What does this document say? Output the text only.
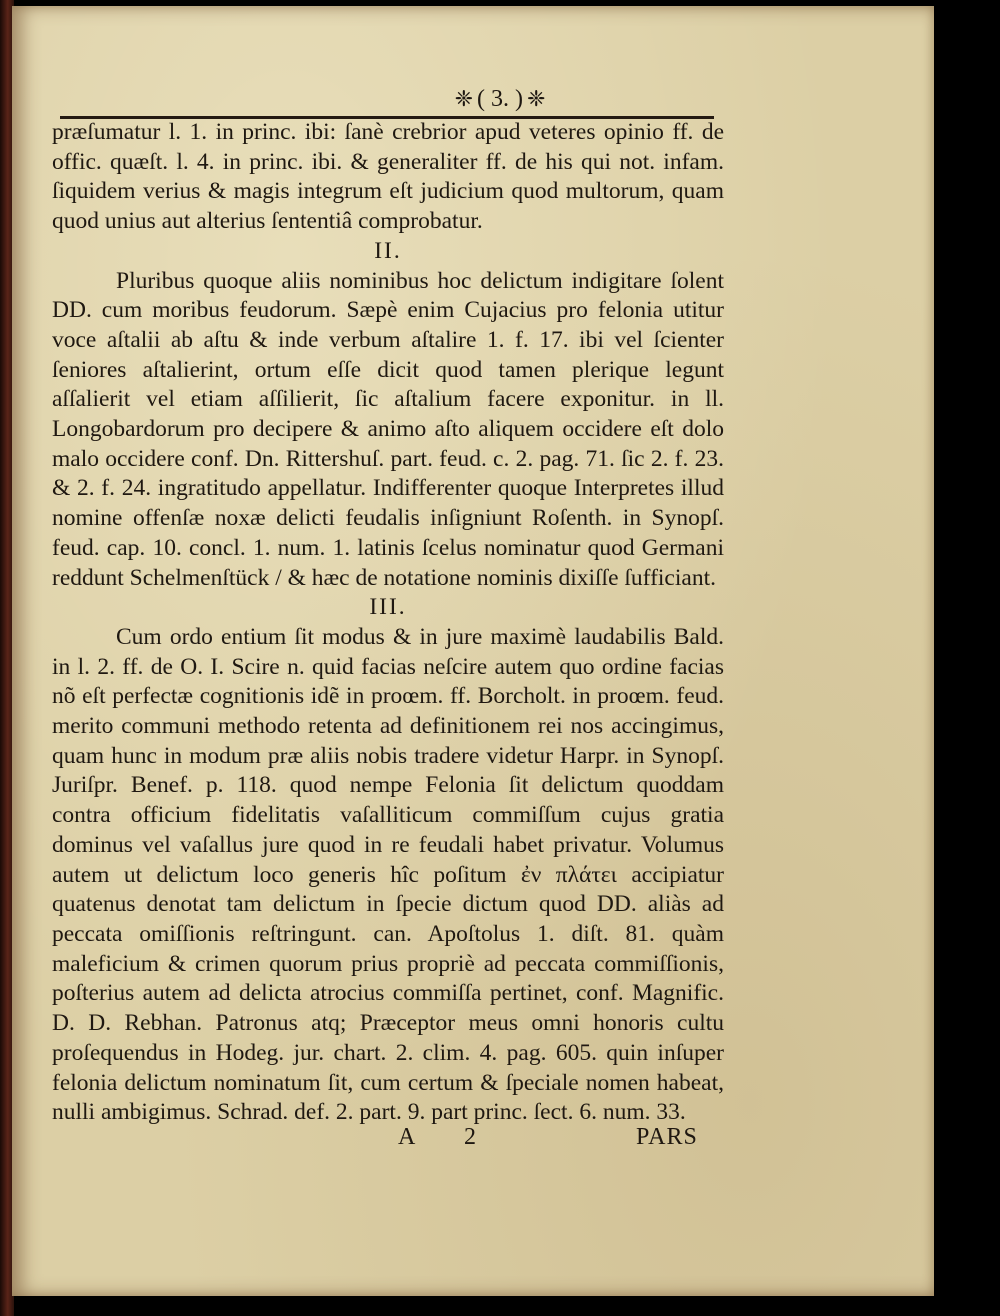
❈ ( 3. ) ❈

præſumatur l. 1. in princ. ibi: ſanè crebrior apud veteres opinio ff. de offic. quæſt. l. 4. in princ. ibi. & generaliter ff. de his qui not. infam. ſiquidem verius & magis integrum eſt judicium quod multorum, quam quod unius aut alterius ſententiâ comprobatur.

II.

Pluribus quoque aliis nominibus hoc delictum indigitare ſolent DD. cum moribus feudorum. Sæpè enim Cujacius pro felonia utitur voce aſtalii ab aſtu & inde verbum aſtalire 1. f. 17. ibi vel ſcienter ſeniores aſtalierint, ortum eſſe dicit quod tamen plerique legunt aſſalierit vel etiam aſſilierit, ſic aſtalium facere exponitur. in ll. Longobardorum pro decipere & animo aſto aliquem occidere eſt dolo malo occidere conf. Dn. Rittershuſ. part. feud. c. 2. pag. 71. ſic 2. f. 23. & 2. f. 24. ingratitudo appellatur. Indifferenter quoque Interpretes illud nomine offenſæ noxæ delicti feudalis inſigniunt Roſenth. in Synopſ. feud. cap. 10. concl. 1. num. 1. latinis ſcelus nominatur quod Germani reddunt Schelmenſtück / & hæc de notatione nominis dixiſſe ſufficiant.

III.

Cum ordo entium ſit modus & in jure maximè laudabilis Bald. in l. 2. ff. de O. I. Scire n. quid facias neſcire autem quo ordine facias nõ eſt perfectæ cognitionis idẽ in proœm. ff. Borcholt. in proœm. feud. merito communi methodo retenta ad definitionem rei nos accingimus, quam hunc in modum præ aliis nobis tradere videtur Harpr. in Synopſ. Juriſpr. Benef. p. 118. quod nempe Felonia ſit delictum quoddam contra officium fidelitatis vaſalliticum commiſſum cujus gratia dominus vel vaſallus jure quod in re feudali habet privatur. Volumus autem ut delictum loco generis hîc poſitum ἐν πλάτει accipiatur quatenus denotat tam delictum in ſpecie dictum quod DD. aliàs ad peccata omiſſionis reſtringunt. can. Apoſtolus 1. diſt. 81. quàm maleficium & crimen quorum prius propriè ad peccata commiſſionis, poſterius autem ad delicta atrocius commiſſa pertinet, conf. Magnific. D. D. Rebhan. Patronus atq; Præceptor meus omni honoris cultu proſequendus in Hodeg. jur. chart. 2. clim. 4. pag. 605. quin inſuper felonia delictum nominatum ſit, cum certum & ſpeciale nomen habeat, nulli ambigimus. Schrad. def. 2. part. 9. part princ. ſect. 6. num. 33.

A 2	PARS
